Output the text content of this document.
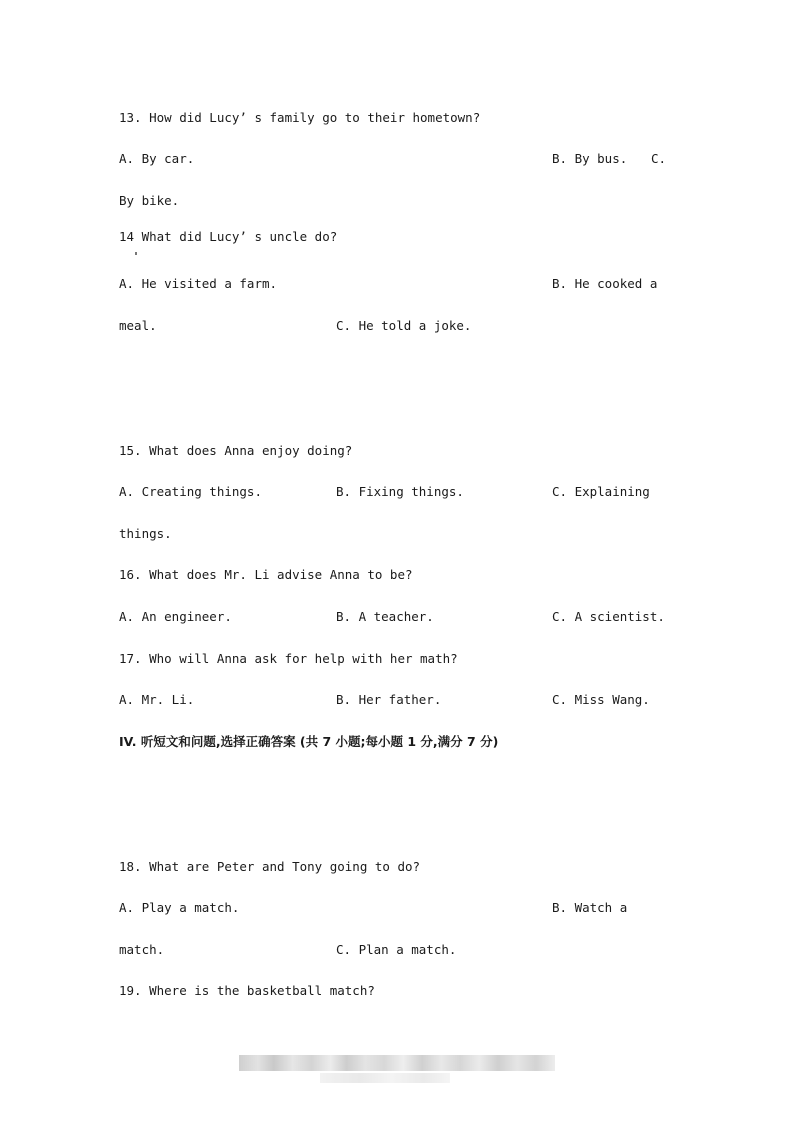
13. How did Lucy’ s family go to their hometown?
A. By car.	B. By bus. C.
By bike.
14 What did Lucy’ s uncle do?
A. He visited a farm.	B. He cooked a
meal.	C. He told a joke.
15. What does Anna enjoy doing?
A. Creating things.	B. Fixing things.	C. Explaining
things.
16. What does Mr. Li advise Anna to be?
A. An engineer.	B. A teacher.	C. A scientist.
17. Who will Anna ask for help with her math?
A. Mr. Li.	B. Her father.	C. Miss Wang.
IV. 听短文和问题,选择正确答案 (共 7 小题;每小题 1 分,满分 7 分)
18. What are Peter and Tony going to do?
A. Play a match.	B. Watch a
match.	C. Plan a match.
19. Where is the basketball match?
